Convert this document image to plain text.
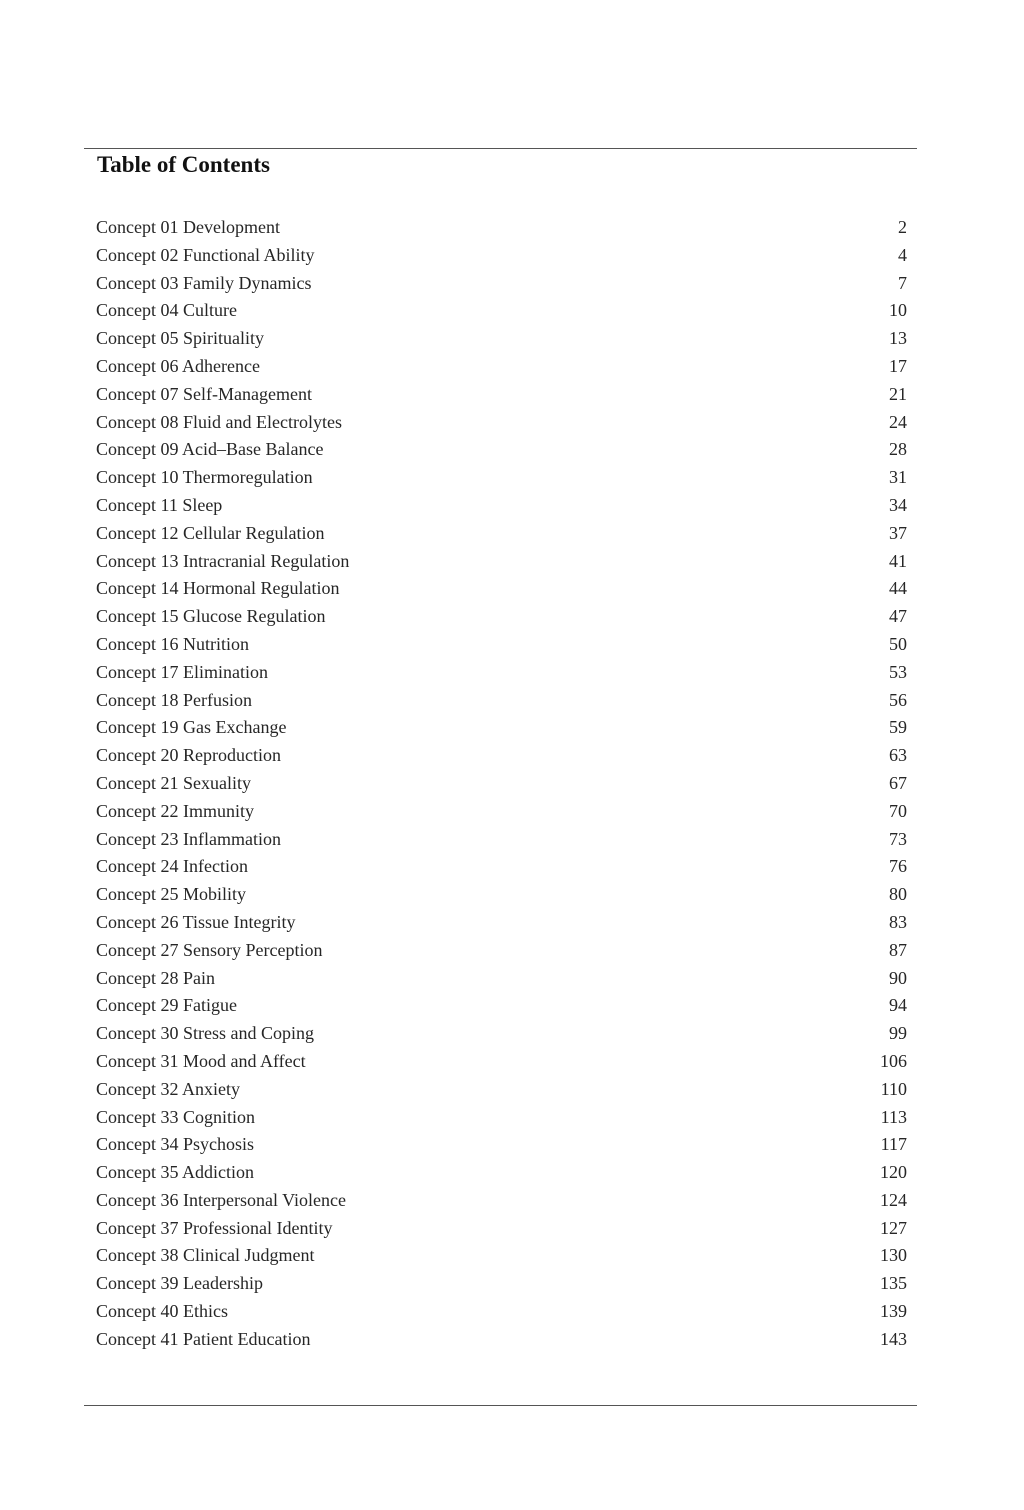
Table of Contents
Concept 01 Development	2
Concept 02 Functional Ability	4
Concept 03 Family Dynamics	7
Concept 04 Culture	10
Concept 05 Spirituality	13
Concept 06 Adherence	17
Concept 07 Self-Management	21
Concept 08 Fluid and Electrolytes	24
Concept 09 Acid–Base Balance	28
Concept 10 Thermoregulation	31
Concept 11 Sleep	34
Concept 12 Cellular Regulation	37
Concept 13 Intracranial Regulation	41
Concept 14 Hormonal Regulation	44
Concept 15 Glucose Regulation	47
Concept 16 Nutrition	50
Concept 17 Elimination	53
Concept 18 Perfusion	56
Concept 19 Gas Exchange	59
Concept 20 Reproduction	63
Concept 21 Sexuality	67
Concept 22 Immunity	70
Concept 23 Inflammation	73
Concept 24 Infection	76
Concept 25 Mobility	80
Concept 26 Tissue Integrity	83
Concept 27 Sensory Perception	87
Concept 28 Pain	90
Concept 29 Fatigue	94
Concept 30 Stress and Coping	99
Concept 31 Mood and Affect	106
Concept 32 Anxiety	110
Concept 33 Cognition	113
Concept 34 Psychosis	117
Concept 35 Addiction	120
Concept 36 Interpersonal Violence	124
Concept 37 Professional Identity	127
Concept 38 Clinical Judgment	130
Concept 39 Leadership	135
Concept 40 Ethics	139
Concept 41 Patient Education	143
